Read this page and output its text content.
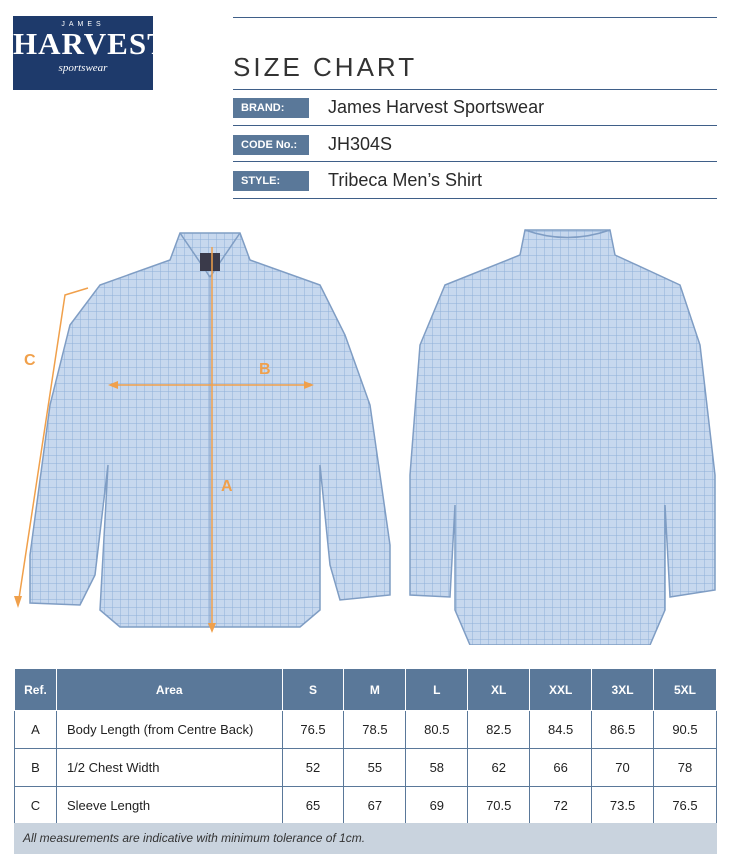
JAMES
HARVEST
sportswear	SIZE CHART
BRAND:	James Harvest Sportswear
CODE No.:	JH304S
STYLE:	Tribeca Men’s Shirt
C
B
A
Ref.	Area	S	M	L	XL	XXL	3XL	5XL
A	Body Length (from Centre Back)	76.5	78.5	80.5	82.5	84.5	86.5	90.5
B	1/2 Chest Width	52	55	58	62	66	70	78
C	Sleeve Length	65	67	69	70.5	72	73.5	76.5
All measurements are indicative with minimum tolerance of 1cm.
